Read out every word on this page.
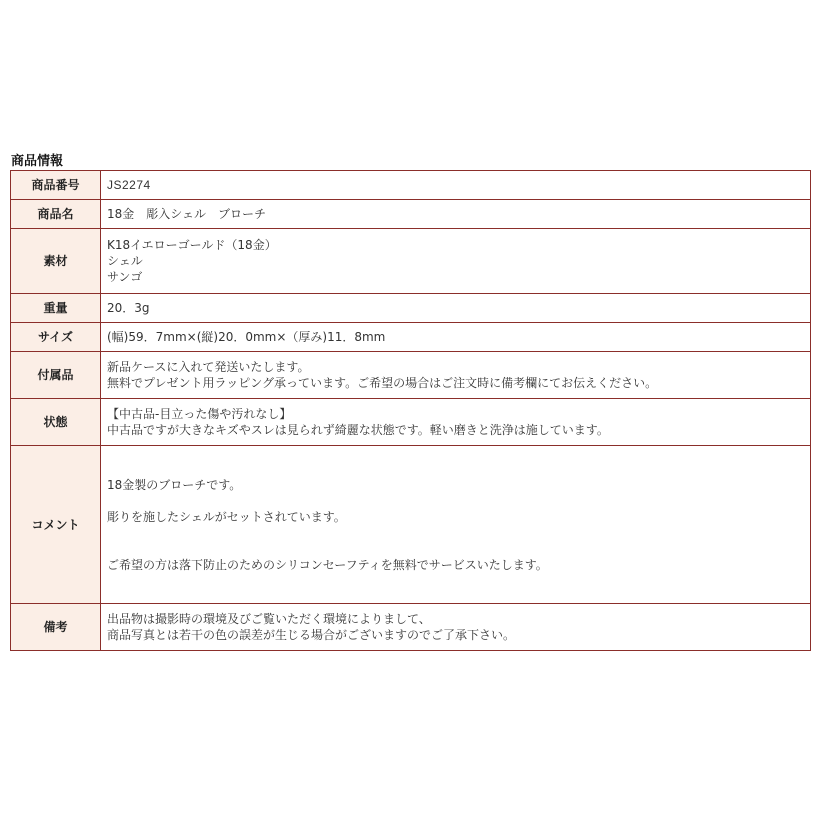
商品情報
商品番号	JS2274

商品名	18金　彫入シェル　ブローチ

素材	K18イエローゴールド（18金）
シェル
サンゴ

重量	20．3g

サイズ	(幅)59．7mm×(縦)20．0mm×（厚み)11．8mm

付属品	新品ケースに入れて発送いたします。
無料でプレゼント用ラッピング承っています。ご希望の場合はご注文時に備考欄にてお伝えください。

状態	【中古品-目立った傷や汚れなし】
中古品ですが大きなキズやスレは見られず綺麗な状態です。軽い磨きと洗浄は施しています。

コメント	18金製のブローチです。
彫りを施したシェルがセットされています。
ご希望の方は落下防止のためのシリコンセーフティを無料でサービスいたします。

備考	出品物は撮影時の環境及びご覧いただく環境によりまして、
商品写真とは若干の色の誤差が生じる場合がございますのでご了承下さい。
